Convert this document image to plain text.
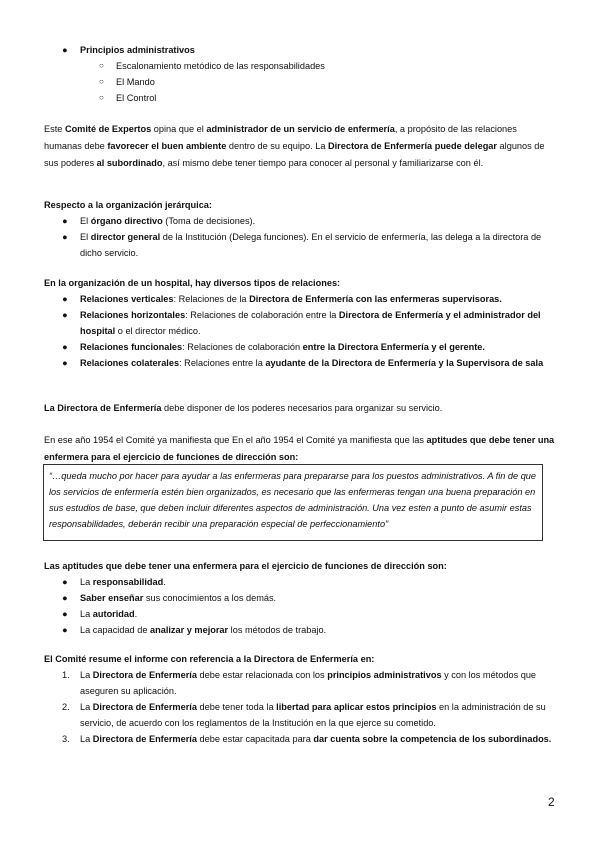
●	Principios administrativos
○ Escalonamiento metódico de las responsabilidades
○ El Mando
○ El Control

Este Comité de Expertos opina que el administrador de un servicio de enfermería, a propósito de las relaciones humanas debe favorecer el buen ambiente dentro de su equipo. La Directora de Enfermería puede delegar algunos de sus poderes al subordinado, así mismo debe tener tiempo para conocer al personal y familiarizarse con él.

Respecto a la organización jerárquica:

●	El órgano directivo (Toma de decisiones).
●	El director general de la Institución (Delega funciones). En el servicio de enfermería, las delega a la directora de dicho servicio.

En la organización de un hospital, hay diversos tipos de relaciones:

●	Relaciones verticales: Relaciones de la Directora de Enfermería con las enfermeras supervisoras.
●	Relaciones horizontales: Relaciones de colaboración entre la Directora de Enfermería y el administrador del hospital o el director médico.
●	Relaciones funcionales: Relaciones de colaboración entre la Directora Enfermería y el gerente.
●	Relaciones colaterales: Relaciones entre la ayudante de la Directora de Enfermería y la Supervisora de sala

La Directora de Enfermería debe disponer de los poderes necesarios para organizar su servicio.

En ese año 1954 el Comité ya manifiesta que En el año 1954 el Comité ya manifiesta que las aptitudes que debe tener una enfermera para el ejercicio de funciones de dirección son:

“…queda mucho por hacer para ayudar a las enfermeras para prepararse para los puestos administrativos. A fin de que los servicios de enfermería estén bien organizados, es necesario que las enfermeras tengan una buena preparación en sus estudios de base, que deben incluir diferentes aspectos de administración. Una vez esten a punto de asumir estas responsabilidades, deberán recibir una preparación especial de perfeccionamiento”

Las aptitudes que debe tener una enfermera para el ejercicio de funciones de dirección son:

●	La responsabilidad.
●	Saber enseñar sus conocimientos a los demás.
●	La autoridad.
●	La capacidad de analizar y mejorar los métodos de trabajo.

El Comité resume el informe con referencia a la Directora de Enfermería en:

1.	La Directora de Enfermería debe estar relacionada con los principios administrativos y con los métodos que aseguren su aplicación.
2.	La Directora de Enfermería debe tener toda la libertad para aplicar estos principios en la administración de su servicio, de acuerdo con los reglamentos de la Institución en la que ejerce su cometido.
3.	La Directora de Enfermería debe estar capacitada para dar cuenta sobre la competencia de los subordinados.
2
